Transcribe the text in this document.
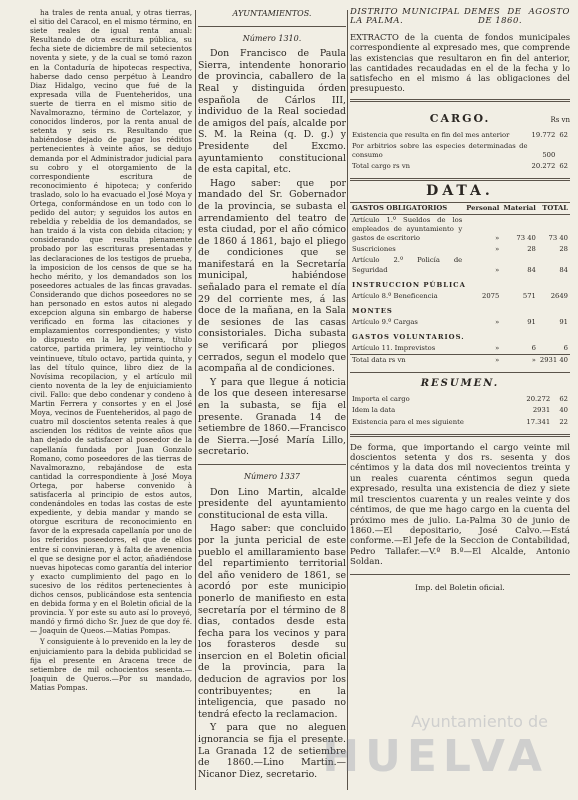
ha trales de renta anual, y otras tierras, el sitio del Caracol, en el mismo término, en siete reales de igual renta anual: Resultando de otra escritura pública, su fecha siete de diciembre de mil setecientos noventa y siete, y de la cual se tomó razon en la Contaduría de hipotecas respectiva, haberse dado censo perpétuo à Leandro Diaz Hidalgo, vecino que fué de la expresada villa de Fuenteheridos, una suerte de tierra en el mismo sitio de Navalmorazno, término de Cortelazor, y conocidos linderos, por la renta anual de setenta y seis rs. Resultando que habiéndose dejado de pagar los réditos pertenecientes à veinte años, se dedujo demanda por el Administrador judicial para su cobro y el otorgamiento de la correspondiente escritura de reconocimiento é hipoteca; y conferido traslado, solo lo ha evacuado el José Moya y Ortega, conformándose en un todo con lo pedido del autor; y seguidos los autos en rebeldia y rebeldia de los demandados, se han traido á la vista con debida citacion; y considerando que resulta plenamente probado por las escrituras presentadas y las declaraciones de los testigos de prueba, la imposicion de los censos de que se ha hecho mérito, y los demandados son los poseedores actuales de las fincas gravadas. Considerando que dichos poseedores no se han personado en estos autos ni alegado excepcion alguna sin embargo de haberse verificado en forma las citaciones y emplazamientos correspondientes; y visto lo dispuesto en la ley primera, título catorce, partida primera, ley veintiocho y veintinueve, título octavo, partida quinta, y las del título quince, libro diez de la Novísima recopilacion, y el artículo mil ciento noventa de la ley de enjuiciamiento civil. Fallo: que debo condenar y condeno à Martin Ferrera y consortes y en el José Moya, vecinos de Fuenteheridos, al pago de cuatro mil doscientos setenta reales à que ascienden los réditos de veinte años que han dejado de satisfacer al poseedor de la capellanía fundada por Juan Gonzalo Romano, como poseedores de las tierras de Navalmorazno, rebajándose de esta cantidad la correspondiente à José Moya Ortega, por haberse convenido à satisfacerla al principio de estos autos, condenándoles en todas las costas de este expediente, y debia mandar y mando se otorgue escritura de reconocimiento en favor de la expresada capellanía por uno de los referidos poseedores, el que de ellos entre sí convinieran, y à falta de avenencia el que se designe por el actor, añadiéndose nuevas hipotecas como garantía del interior y exacto cumplimiento del pago en lo sucesivo de los réditos pertenecientes à dichos censos, publicándose esta sentencia en debida forma y en el Boletin oficial de la provincia. Y por este su auto así lo proveyó, mandó y firmó dicho Sr. Juez de que doy fé.— Joaquin de Queos.—Matias Pompas.

Y consiguiente à lo prevenido en la ley de enjuiciamiento para la debida publicidad se fija el presente en Aracena trece de setiembre de mil ochocientos sesenta.—Joaquin de Queros.—Por su mandado, Matias Pompas.

AYUNTAMIENTOS.
Número 1310.

Don Francisco de Paula Sierra, intendente honorario de provincia, caballero de la Real y distinguida órden española de Cárlos III, individuo de la Real sociedad de amigos del país, alcalde por S. M. la Reina (q. D. g.) y Presidente del Excmo. ayuntamiento constitucional de esta capital, etc.

Hago saber: que por mandado del Sr. Gobernador de la provincia, se subasta el arrendamiento del teatro de esta ciudad, por el año cómico de 1860 á 1861, bajo el pliego de condiciones que se manifestará en la Secretaría municipal, habiéndose señalado para el remate el día 29 del corriente mes, á las doce de la mañana, en la Sala de sesiones de las casas consistoriales. Dicha subasta se verificará por pliegos cerrados, segun el modelo que acompaña al de condiciones.

Y para que llegue á noticia de los que deseen interesarse en la subasta, se fija el presente. Granada 14 de setiembre de 1860.—Francisco de Sierra.—José María Lillo, secretario.

Número 1337

Don Lino Martin, alcalde presidente del ayuntamiento constitucional de esta villa.

Hago saber: que concluido por la junta pericial de este pueblo el amillaramiento base del repartimiento territorial del año venidero de 1861, se acordó por este municipio ponerlo de manifiesto en esta secretaría por el término de 8 dias, contados desde esta fecha para los vecinos y para los forasteros desde su insercion en el Boletin oficial de la provincia, para la deducion de agravios por los contribuyentes; en la inteligencia, que pasado no tendrá efecto la reclamacion.

Y para que no aleguen ignorancia se fija el presente. La Granada 12 de setiembre de 1860.—Lino Martin.—Nicanor Diez, secretario.

DISTRITO MUNICIPAL DE LA PALMA.
MES DE AGOSTO DE 1860.
EXTRACTO de la cuenta de fondos municipales correspondiente al expresado mes, que comprende las existencias que resultaron en fin del anterior, las cantidades recaudadas en el de la fecha y lo satisfecho en el mismo á las obligaciones del presupuesto.
CARGO.	Rs vn
Existencia que resulta en fin del mes anterior	19.772	62
Por arbitrios sobre las especies determinadas de consumo	500	
Total cargo rs vn	20.272	62
DATA.
GASTOS OBLIGATORIOS	Personal	Material	TOTAL
Artículo 1.º Sueldos de los empleados de ayuntamiento y gastos de escritorio	»	73 40	73 40
Suscriciones	»	28	28
Artículo 2.º Policía de Seguridad	»	84	84
INSTRUCCION PÚBLICA			
Artículo 8.º Beneficencia	2075	571	2649
MONTES			
Artículo 9.º Cargas	»	91	91
GASTOS VOLUNTARIOS.			
Artículo 11. Imprevistos	»	6	6
Total data rs vn	»	»	2931 40
RESUMEN.
Importa el cargo	20.272	62
Idem la data	2931	40
Existencia para el mes siguiente	17.341	22
De forma, que importando el cargo veinte mil doscientos setenta y dos rs. sesenta y dos céntimos y la data dos mil novecientos treinta y un reales cuarenta céntimos segun queda expresado, resulta una existencia de diez y siete mil trescientos cuarenta y un reales veinte y dos céntimos, de que me hago cargo en la cuenta del próximo mes de julio. La-Palma 30 de junio de 1860.—El depositario, José Calvo.—Está conforme.—El Jefe de la Seccion de Contabilidad, Pedro Tallafer.—V.º B.º—El Alcalde, Antonio Soldan.
Imp. del Boletin oficial.
Ayuntamiento de
HUELVA
